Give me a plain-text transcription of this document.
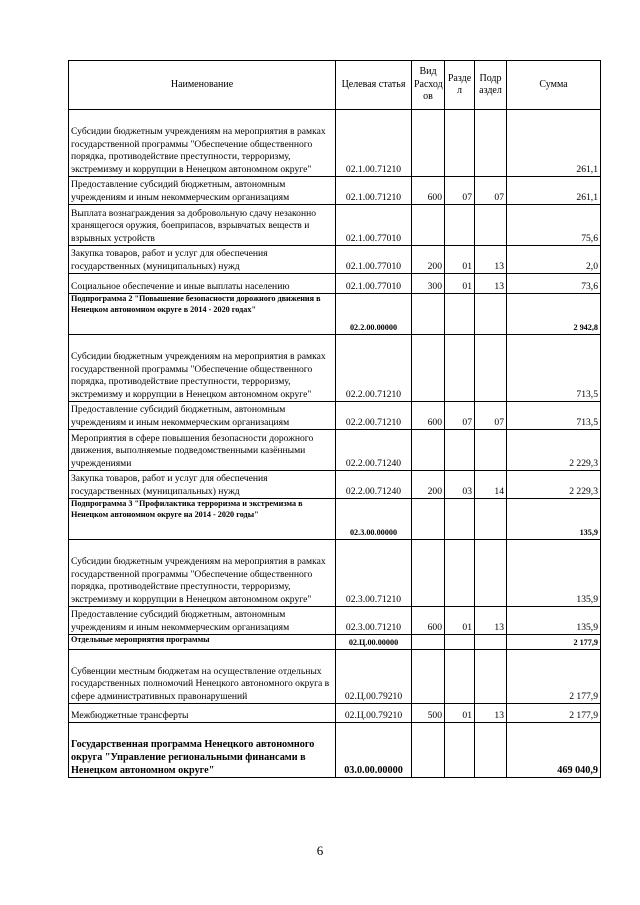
Наименование	Целевая статья	Вид Расход ов	Разде л	Подр аздел	Сумма
Субсидии бюджетным учреждениям на мероприятия в рамках государственной программы "Обеспечение общественного порядка, противодействие преступности, терроризму, экстремизму и коррупции в Ненецком автономном округе"	02.1.00.71210				261,1
Предоставление субсидий бюджетным, автономным учреждениям и иным некоммерческим организациям	02.1.00.71210	600	07	07	261,1
Выплата вознаграждения за добровольную сдачу незаконно хранящегося оружия, боеприпасов, взрывчатых веществ и взрывных устройств	02.1.00.77010				75,6
Закупка товаров, работ и услуг для обеспечения государственных (муниципальных) нужд	02.1.00.77010	200	01	13	2,0
Социальное обеспечение и иные выплаты населению	02.1.00.77010	300	01	13	73,6
Подпрограмма 2 "Повышение безопасности дорожного движения в Ненецком автономном округе в 2014 - 2020 годах"	02.2.00.00000				2 942,8
Субсидии бюджетным учреждениям на мероприятия в рамках государственной программы "Обеспечение общественного порядка, противодействие преступности, терроризму, экстремизму и коррупции в Ненецком автономном округе"	02.2.00.71210				713,5
Предоставление субсидий бюджетным, автономным учреждениям и иным некоммерческим организациям	02.2.00.71210	600	07	07	713,5
Мероприятия в сфере повышения безопасности дорожного движения, выполняемые подведомственными казёнными учреждениями	02.2.00.71240				2 229,3
Закупка товаров, работ и услуг для обеспечения государственных (муниципальных) нужд	02.2.00.71240	200	03	14	2 229,3
Подпрограмма 3 "Профилактика терроризма и экстремизма в Ненецком автономном округе на 2014 - 2020 годы"	02.3.00.00000				135,9
Субсидии бюджетным учреждениям на мероприятия в рамках государственной программы "Обеспечение общественного порядка, противодействие преступности, терроризму, экстремизму и коррупции в Ненецком автономном округе"	02.3.00.71210				135,9
Предоставление субсидий бюджетным, автономным учреждениям и иным некоммерческим организациям	02.3.00.71210	600	01	13	135,9
Отдельные мероприятия программы	02.Ц.00.00000				2 177,9
Субвенции местным бюджетам на осуществление отдельных государственных полномочий Ненецкого автономного округа в сфере административных правонарушений	02.Ц.00.79210				2 177,9
Межбюджетные трансферты	02.Ц.00.79210	500	01	13	2 177,9
Государственная программа Ненецкого автономного округа "Управление региональными финансами в Ненецком автономном округе"	03.0.00.00000				469 040,9
6
